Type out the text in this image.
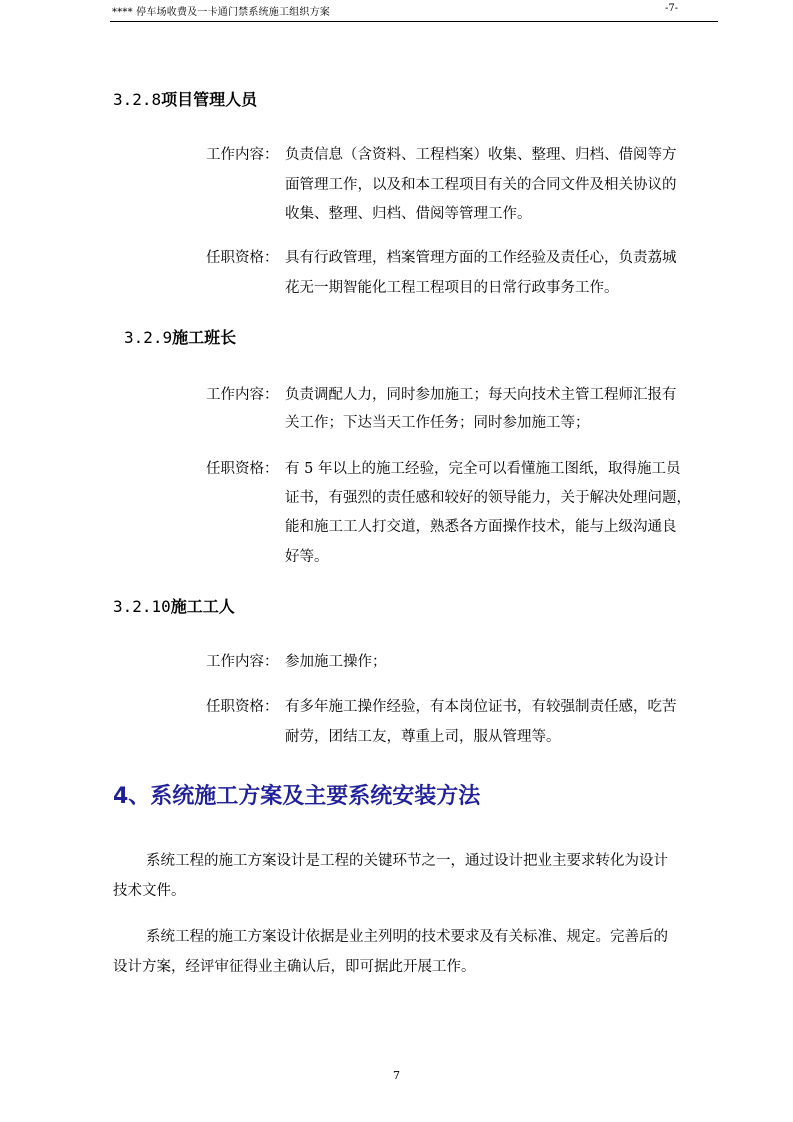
**** 停车场收费及一卡通门禁系统施工组织方案	-7-
3.2.8项目管理人员
工作内容： 负责信息（含资料、工程档案）收集、整理、归档、借阅等方
面管理工作，以及和本工程项目有关的合同文件及相关协议的
收集、整理、归档、借阅等管理工作。
任职资格： 具有行政管理，档案管理方面的工作经验及责任心，负责荔城
花无一期智能化工程工程项目的日常行政事务工作。
3.2.9施工班长
工作内容： 负责调配人力，同时参加施工；每天向技术主管工程师汇报有
关工作；下达当天工作任务；同时参加施工等；
任职资格： 有 5 年以上的施工经验，完全可以看懂施工图纸，取得施工员
证书，有强烈的责任感和较好的领导能力，关于解决处理问题，
能和施工工人打交道，熟悉各方面操作技术，能与上级沟通良
好等。
3.2.10施工工人
工作内容： 参加施工操作；
任职资格： 有多年施工操作经验，有本岗位证书，有较强制责任感，吃苦
耐劳，团结工友，尊重上司，服从管理等。
4、系统施工方案及主要系统安装方法
系统工程的施工方案设计是工程的关键环节之一，通过设计把业主要求转化为设计
技术文件。
系统工程的施工方案设计依据是业主列明的技术要求及有关标准、规定。完善后的
设计方案，经评审征得业主确认后，即可据此开展工作。
7
